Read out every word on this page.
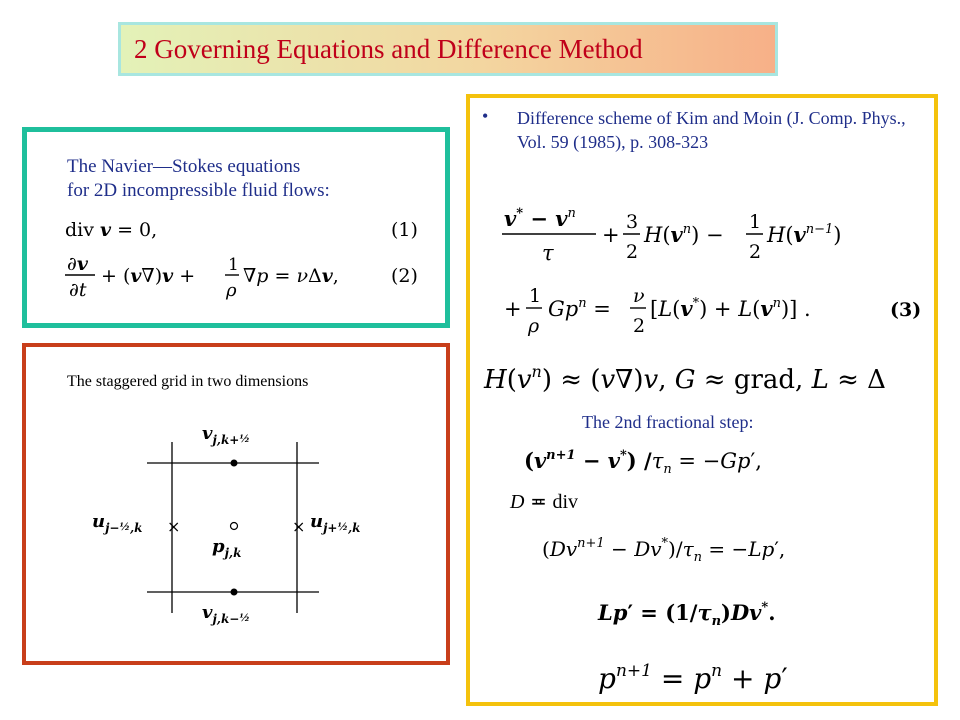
2 Governing Equations and Difference Method
The Navier—Stokes equations
for 2D incompressible fluid flows:
div v = 0,	(1)
∂v
∂t
+ (v∇)v + 1
ρ
∇p = νΔv,	(2)
The staggered grid in two dimensions
×	×
$v_{j,k+}\frac{1}{2}$
$v_{j,k-}\frac{1}{2}$
$p_{j,k}$
$u_{j-}\frac{1}{2},k$	$u_{j+}\frac{1}{2},k$
• Difference scheme of Kim and Moin (J. Comp. Phys., Vol. 59 (1985), p. 308-323
$v^* - v^n$
τ
+
3
2
$H(v^n)$ −
1
2
$H(v^{n-1})$
+
1
ρ
$Gp^n$ =
ν
2
$[L(v^*) + L(v^n)]$ .	(3)
$H(v^n) \approx (v\nabla)v$, G ≈ grad, L ≈ Δ
$(v^{n+1} - v^*) /\tau_n = -Gp'$,
$(Dv^{n+1} - Dv^*)/\tau_n = -Lp'$,
$Lp' = (1/\tau_n)Dv^*$.
$p^{n+1} = p^n + p'$
The 2nd fractional step:
D ≖ div
